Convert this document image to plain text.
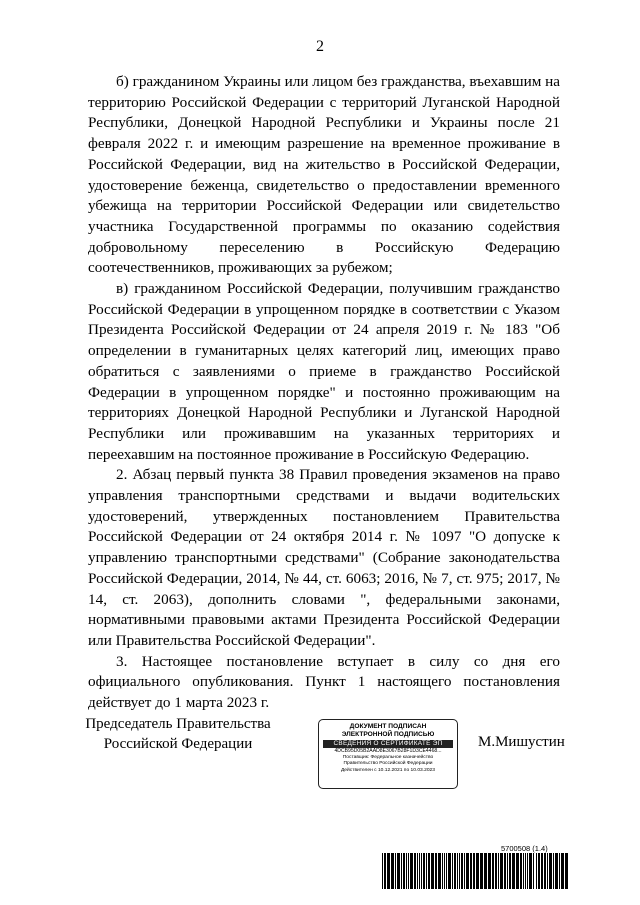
2

б) гражданином Украины или лицом без гражданства, въехавшим на территорию Российской Федерации с территорий Луганской Народной Республики, Донецкой Народной Республики и Украины после 21 февраля 2022 г. и имеющим разрешение на временное проживание в Российской Федерации, вид на жительство в Российской Федерации, удостоверение беженца, свидетельство о предоставлении временного убежища на территории Российской Федерации или свидетельство участника Государственной программы по оказанию содействия добровольному переселению в Российскую Федерацию соотечественников, проживающих за рубежом;

в) гражданином Российской Федерации, получившим гражданство Российской Федерации в упрощенном порядке в соответствии с Указом Президента Российской Федерации от 24 апреля 2019 г. № 183 "Об определении в гуманитарных целях категорий лиц, имеющих право обратиться с заявлениями о приеме в гражданство Российской Федерации в упрощенном порядке" и постоянно проживающим на территориях Донецкой Народной Республики и Луганской Народной Республики или проживавшим на указанных территориях и переехавшим на постоянное проживание в Российскую Федерацию.

2. Абзац первый пункта 38 Правил проведения экзаменов на право управления транспортными средствами и выдачи водительских удостоверений, утвержденных постановлением Правительства Российской Федерации от 24 октября 2014 г. № 1097 "О допуске к управлению транспортными средствами" (Собрание законодательства Российской Федерации, 2014, № 44, ст. 6063; 2016, № 7, ст. 975; 2017, № 14, ст. 2063), дополнить словами ", федеральными законами, нормативными правовыми актами Президента Российской Федерации или Правительства Российской Федерации".

3. Настоящее постановление вступает в силу со дня его официального опубликования. Пункт 1 настоящего постановления действует до 1 марта 2023 г.

Председатель Правительства
Российской Федерации
ДОКУМЕНТ ПОДПИСАН
ЭЛЕКТРОННОЙ ПОДПИСЬЮ
СВЕДЕНИЯ О СЕРТИФИКАТЕ ЭП
4DCB95D05B2AAD8E3067B28F1D3CE4468...
Поставщик: Федеральное казначейство
Правительство Российской Федерации
Действителен с 10.12.2021 по 10.03.2023
М.Мишустин
5700508 (1.4)
